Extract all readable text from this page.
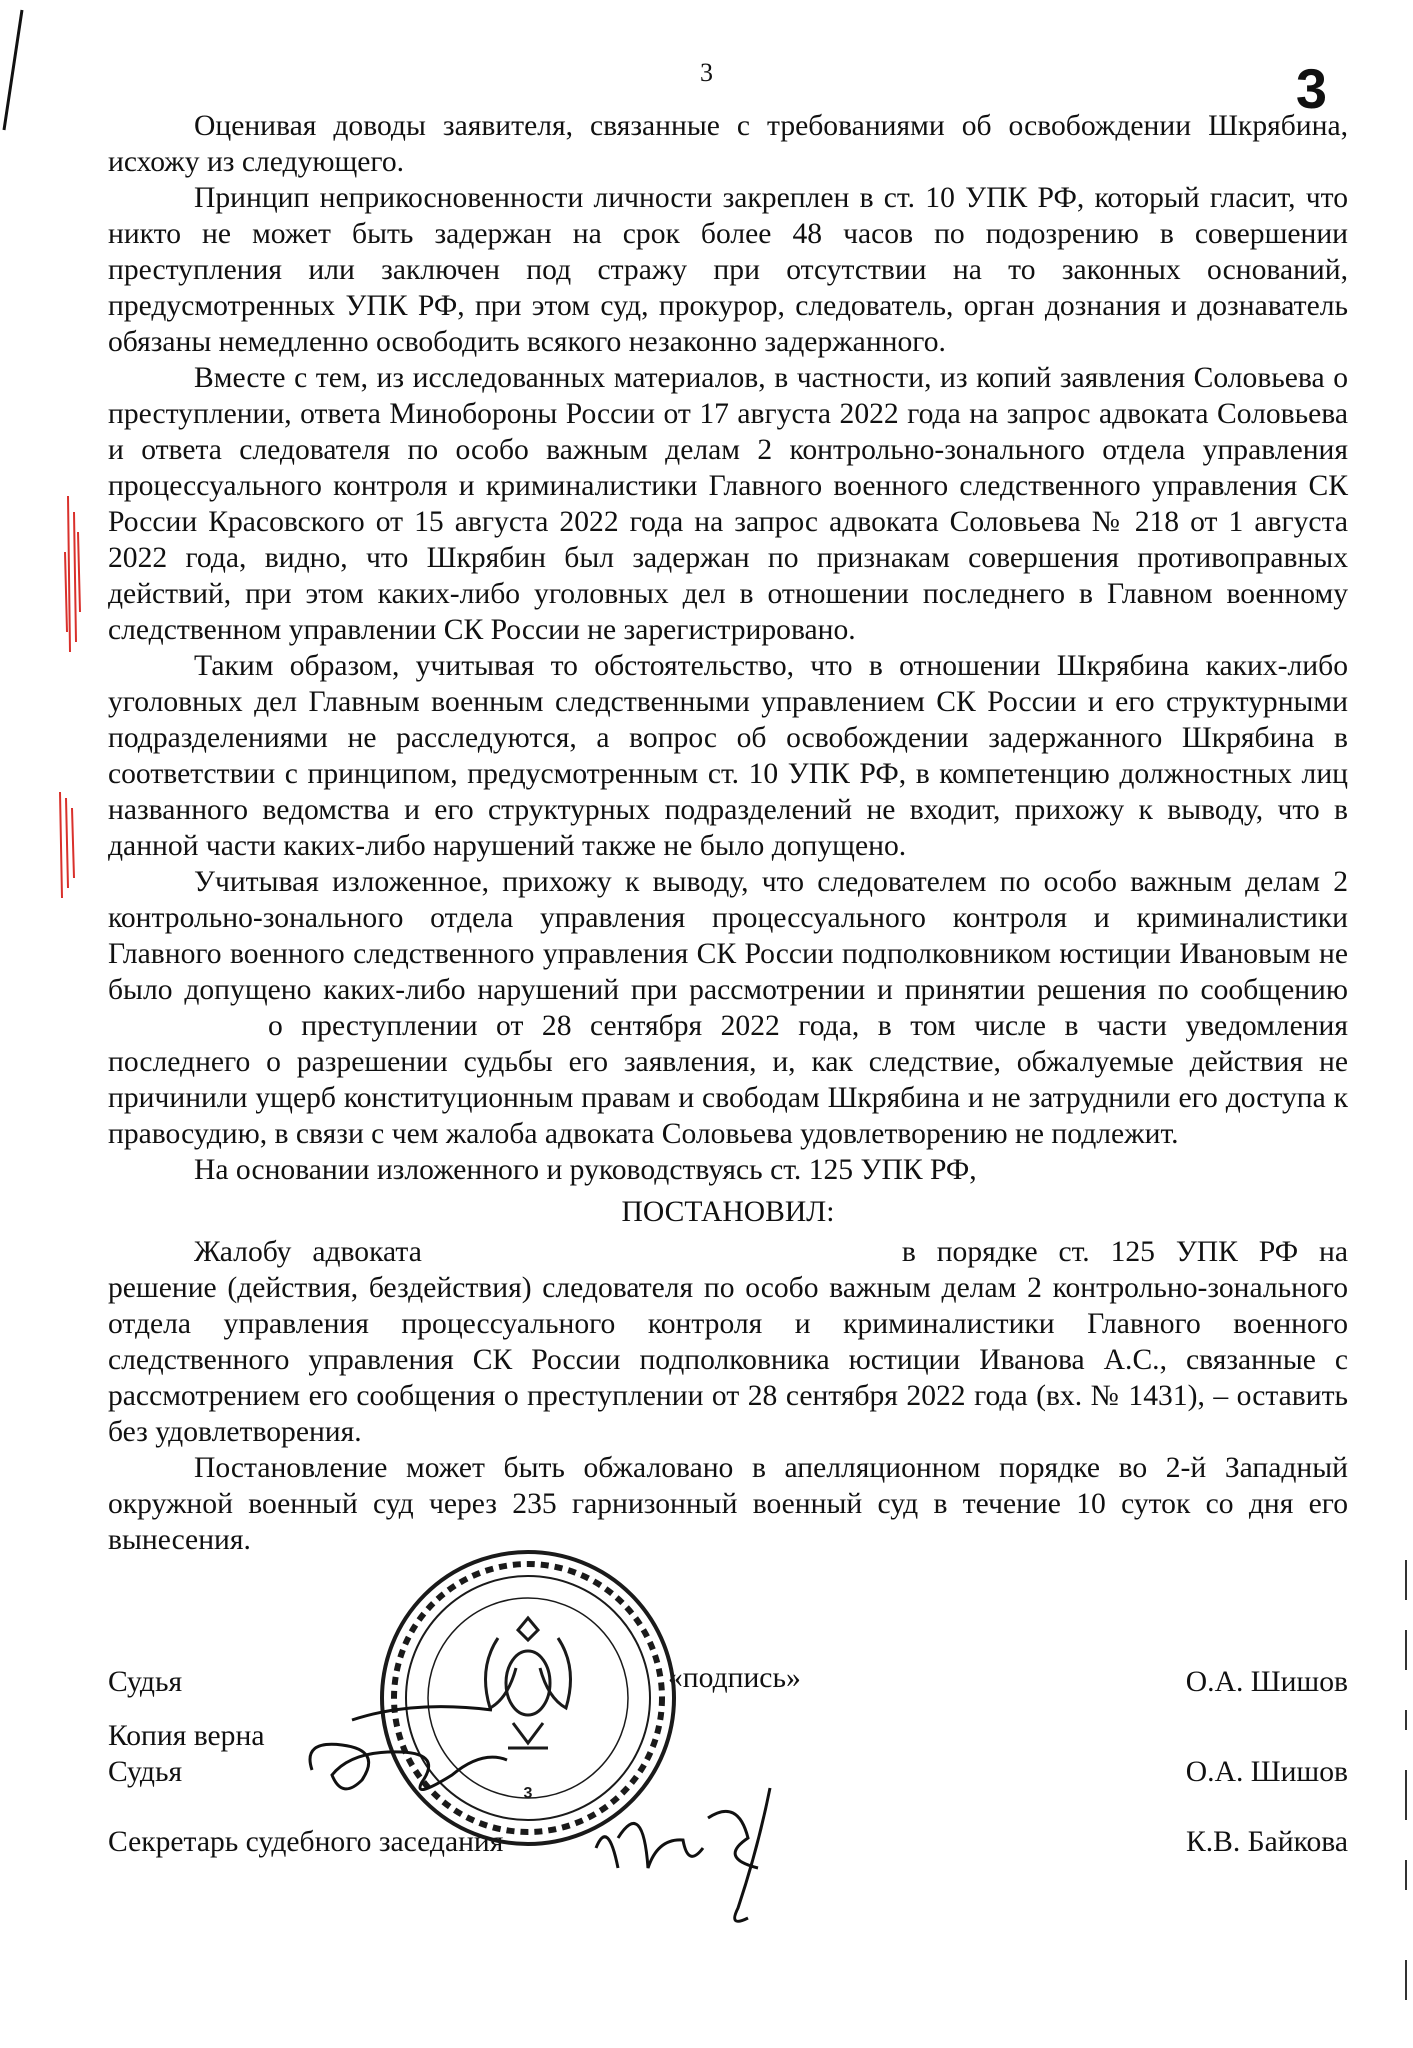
3	3

Оценивая доводы заявителя, связанные с требованиями об освобождении Шкрябина, исхожу из следующего.

Принцип неприкосновенности личности закреплен в ст. 10 УПК РФ, который гласит, что никто не может быть задержан на срок более 48 часов по подозрению в совершении преступления или заключен под стражу при отсутствии на то законных оснований, предусмотренных УПК РФ, при этом суд, прокурор, следователь, орган дознания и дознаватель обязаны немедленно освободить всякого незаконно задержанного.

Вместе с тем, из исследованных материалов, в частности, из копий заявления Соловьева о преступлении, ответа Минобороны России от 17 августа 2022 года на запрос адвоката Соловьева и ответа следователя по особо важным делам 2 контрольно-зонального отдела управления процессуального контроля и криминалистики Главного военного следственного управления СК России Красовского от 15 августа 2022 года на запрос адвоката Соловьева № 218 от 1 августа 2022 года, видно, что Шкрябин был задержан по признакам совершения противоправных действий, при этом каких-либо уголовных дел в отношении последнего в Главном военному следственном управлении СК России не зарегистрировано.

Таким образом, учитывая то обстоятельство, что в отношении Шкрябина каких-либо уголовных дел Главным военным следственными управлением СК России и его структурными подразделениями не расследуются, а вопрос об освобождении задержанного Шкрябина в соответствии с принципом, предусмотренным ст. 10 УПК РФ, в компетенцию должностных лиц названного ведомства и его структурных подразделений не входит, прихожу к выводу, что в данной части каких-либо нарушений также не было допущено.

Учитывая изложенное, прихожу к выводу, что следователем по особо важным делам 2 контрольно-зонального отдела управления процессуального контроля и криминалистики Главного военного следственного управления СК России подполковником юстиции Ивановым не было допущено каких-либо нарушений при рассмотрении и принятии решения по сообщениюо преступлении от 28 сентября 2022 года, в том числе в части уведомления последнего о разрешении судьбы его заявления, и, как следствие, обжалуемые действия не причинили ущерб конституционным правам и свободам Шкрябина и не затруднили его доступа к правосудию, в связи с чем жалоба адвоката Соловьева удовлетворению не подлежит.

На основании изложенного и руководствуясь ст. 125 УПК РФ,

ПОСТАНОВИЛ:

Жалобу адвоката	в порядке ст. 125 УПК РФ на решение (действия, бездействия) следователя по особо важным делам 2 контрольно-зонального отдела управления процессуального контроля и криминалистики Главного военного следственного управления СК России подполковника юстиции Иванова А.С., связанные с рассмотрением его сообщения о преступлении от 28 сентября 2022 года (вх. № 1431), – оставить без удовлетворения.

Постановление может быть обжаловано в апелляционном порядке во 2-й Западный окружной военный суд через 235 гарнизонный военный суд в течение 10 суток со дня его вынесения.

Судья	«подпись»	О.А. Шишов
Копия верна
Судья	О.А. Шишов
Секретарь судебного заседания	К.В. Байкова
3
